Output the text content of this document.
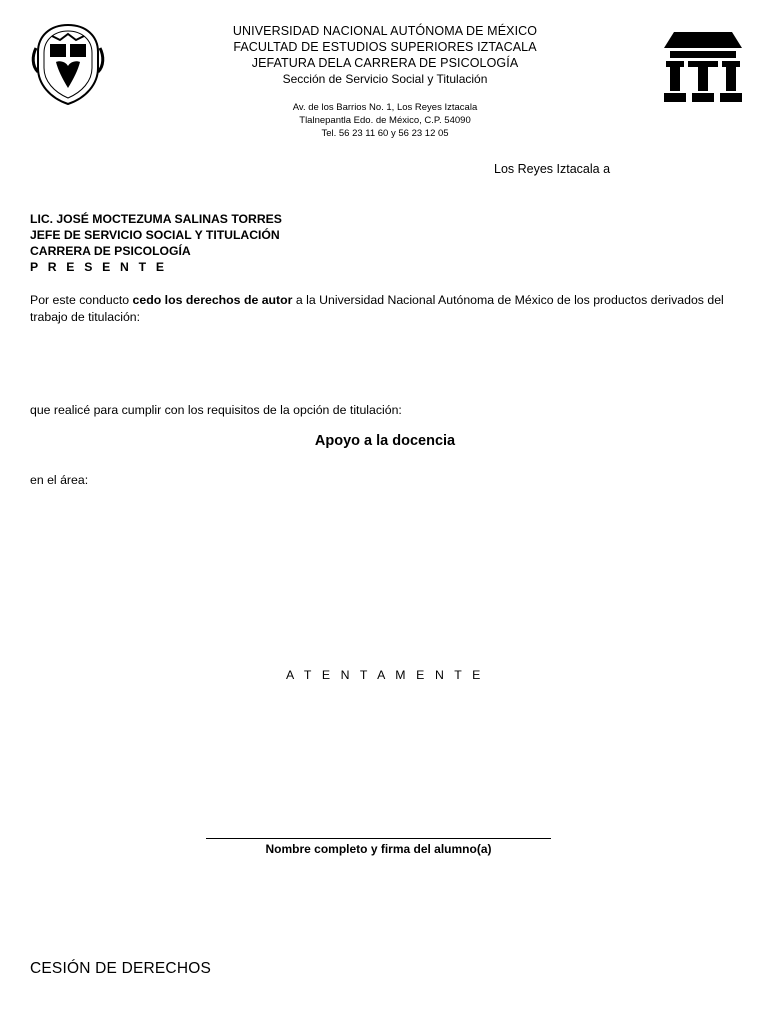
UNIVERSIDAD NACIONAL AUTÓNOMA DE MÉXICO
FACULTAD DE ESTUDIOS SUPERIORES IZTACALA
JEFATURA DELA CARRERA DE PSICOLOGÍA
Sección de Servicio Social y Titulación
Av. de los Barrios No. 1, Los Reyes Iztacala
Tlalnepantla Edo. de México, C.P. 54090
Tel. 56 23 11 60 y 56 23 12 05
Los Reyes Iztacala a
LIC. JOSÉ MOCTEZUMA SALINAS TORRES
JEFE DE SERVICIO SOCIAL Y TITULACIÓN
CARRERA DE PSICOLOGÍA
P R E S E N T E
Por este conducto cedo los derechos de autor a la Universidad Nacional Autónoma de México de los productos derivados del trabajo de titulación:
que realicé para cumplir con los requisitos de la opción de titulación:
Apoyo a la docencia
en el área:
A T E N T A M E N T E
Nombre completo y firma del alumno(a)
CESIÓN DE DERECHOS
